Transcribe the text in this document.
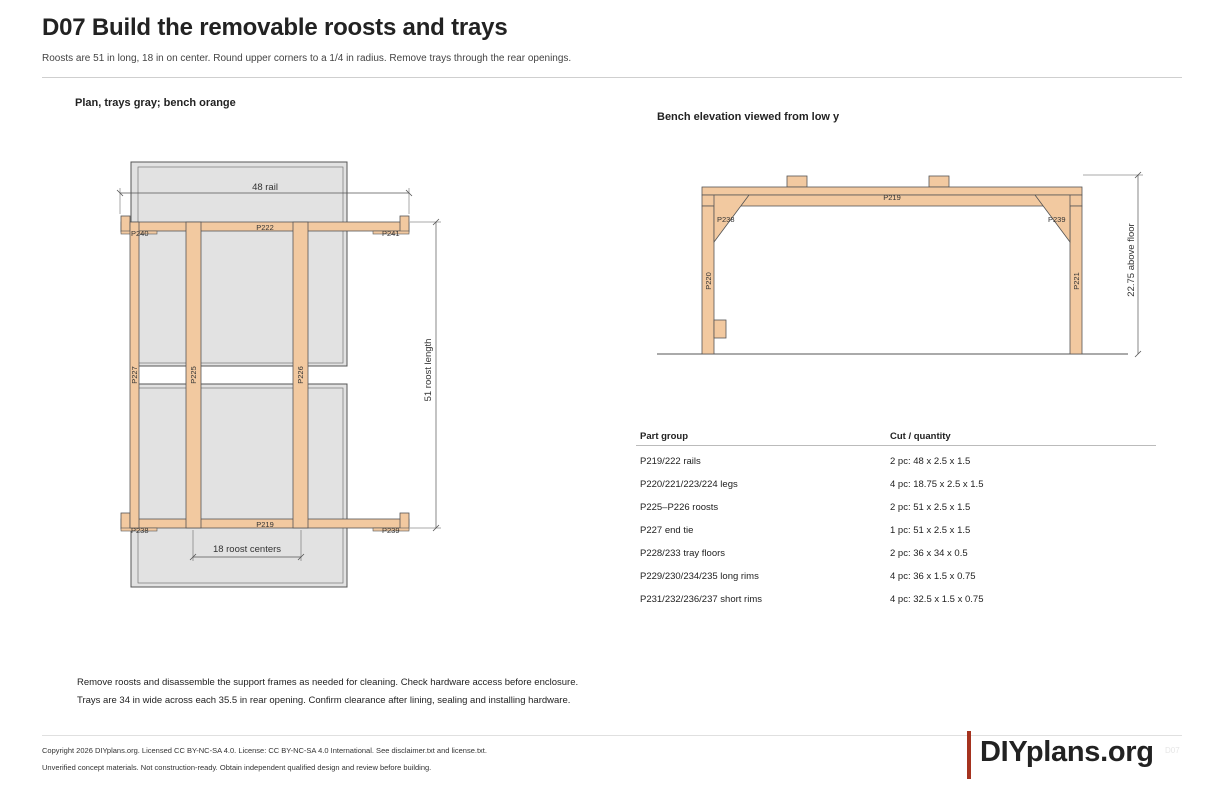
D07 Build the removable roosts and trays
Roosts are 51 in long, 18 in on center. Round upper corners to a 1/4 in radius. Remove trays through the rear openings.
Plan, trays gray; bench orange
Bench elevation viewed from low y
48 rail
P240	P241
P222
P238	P239
P219
P227	P225	P226	51 roost length
18 roost centers
P219
P238	P239
P220	P221	22.75 above floor
Part group	Cut / quantity
P219/222 rails	2 pc: 48 x 2.5 x 1.5
P220/221/223/224 legs	4 pc: 18.75 x 2.5 x 1.5
P225–P226 roosts	2 pc: 51 x 2.5 x 1.5
P227 end tie	1 pc: 51 x 2.5 x 1.5
P228/233 tray floors	2 pc: 36 x 34 x 0.5
P229/230/234/235 long rims	4 pc: 36 x 1.5 x 0.75
P231/232/236/237 short rims	4 pc: 32.5 x 1.5 x 0.75
Remove roosts and disassemble the support frames as needed for cleaning. Check hardware access before enclosure.
Trays are 34 in wide across each 35.5 in rear opening. Confirm clearance after lining, sealing and installing hardware.
Copyright 2026 DIYplans.org. Licensed CC BY-NC-SA 4.0. License: CC BY-NC-SA 4.0 International. See disclaimer.txt and license.txt.
Unverified concept materials. Not construction-ready. Obtain independent qualified design and review before building.	DIYplans.org D07
